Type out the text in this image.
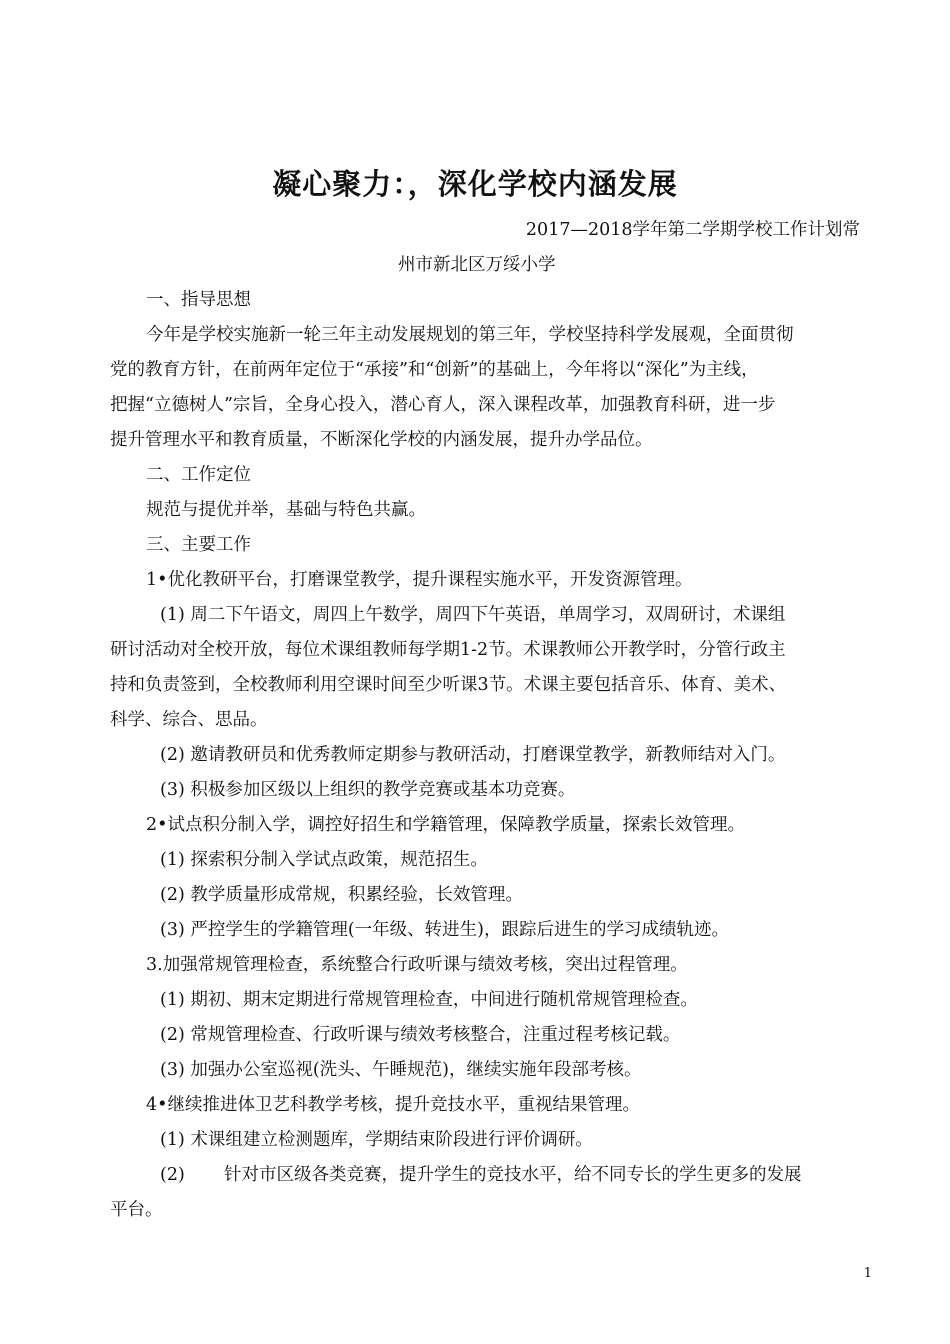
凝心聚力：，深化学校内涵发展
2017—2018学年第二学期学校工作计划常
州市新北区万绥小学
一、指导思想
今年是学校实施新一轮三年主动发展规划的第三年，学校坚持科学发展观，全面贯彻
党的教育方针，在前两年定位于“承接”和“创新”的基础上，今年将以“深化”为主线，
把握“立德树人”宗旨，全身心投入，潜心育人，深入课程改革，加强教育科研，进一步
提升管理水平和教育质量，不断深化学校的内涵发展，提升办学品位。
二、工作定位
规范与提优并举，基础与特色共赢。
三、主要工作
1•优化教研平台，打磨课堂教学，提升课程实施水平，开发资源管理。
(1) 周二下午语文，周四上午数学，周四下午英语，单周学习，双周研讨，术课组
研讨活动对全校开放，每位术课组教师每学期1-2节。术课教师公开教学时，分管行政主
持和负责签到，全校教师利用空课时间至少听课3节。术课主要包括音乐、体育、美术、
科学、综合、思品。
(2) 邀请教研员和优秀教师定期参与教研活动，打磨课堂教学，新教师结对入门。
(3) 积极参加区级以上组织的教学竞赛或基本功竞赛。
2•试点积分制入学，调控好招生和学籍管理，保障教学质量，探索长效管理。
(1) 探索积分制入学试点政策，规范招生。
(2) 教学质量形成常规，积累经验，长效管理。
(3) 严控学生的学籍管理(一年级、转进生)，跟踪后进生的学习成绩轨迹。
3.加强常规管理检查，系统整合行政听课与绩效考核，突出过程管理。
(1) 期初、期末定期进行常规管理检查，中间进行随机常规管理检查。
(2) 常规管理检查、行政听课与绩效考核整合，注重过程考核记载。
(3) 加强办公室巡视(洗头、午睡规范)，继续实施年段部考核。
4•继续推进体卫艺科教学考核，提升竞技水平，重视结果管理。
(1) 术课组建立检测题库，学期结束阶段进行评价调研。
(2) 针对市区级各类竞赛，提升学生的竞技水平，给不同专长的学生更多的发展
平台。
1
